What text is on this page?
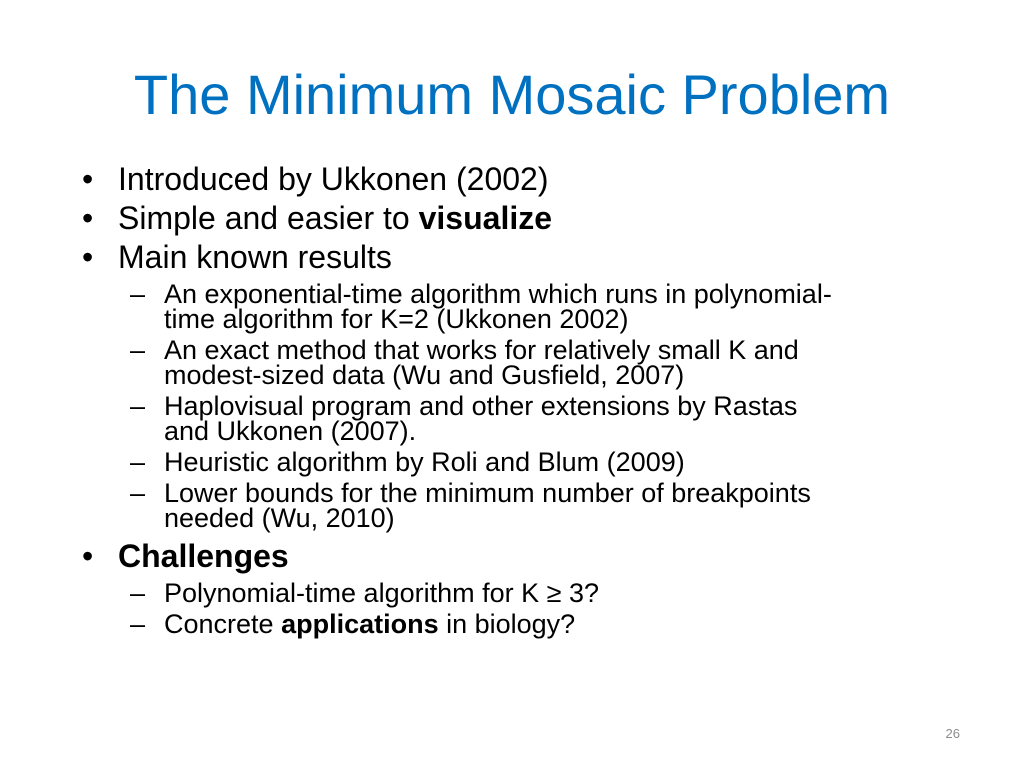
The Minimum Mosaic Problem
• Introduced by Ukkonen (2002)
• Simple and easier to visualize
• Main known results
– An exponential-time algorithm which runs in polynomial-
time algorithm for K=2 (Ukkonen 2002)
– An exact method that works for relatively small K and
modest-sized data (Wu and Gusfield, 2007)
– Haplovisual program and other extensions by Rastas
and Ukkonen (2007).
– Heuristic algorithm by Roli and Blum (2009)
– Lower bounds for the minimum number of breakpoints
needed (Wu, 2010)
• Challenges
– Polynomial-time algorithm for K ≥ 3?
– Concrete applications in biology?
26
